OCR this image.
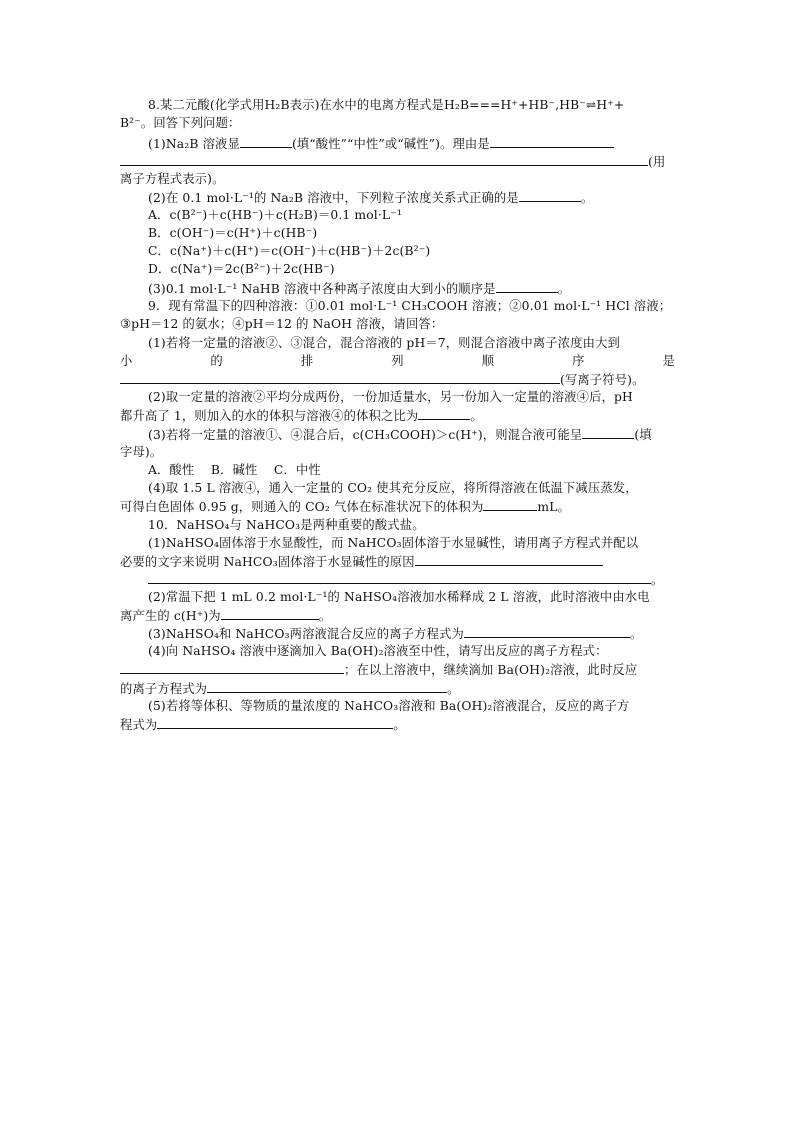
8.某二元酸(化学式用H₂B表示)在水中的电离方程式是H₂B===H⁺+HB⁻,HB⁻⇌H⁺+
B²⁻。回答下列问题：
(1)Na₂B 溶液显	(填“酸性”“中性”或“碱性”)。理由是
(用
离子方程式表示)。
(2)在 0.1 mol·L⁻¹的 Na₂B 溶液中，下列粒子浓度关系式正确的是	。
A．c(B²⁻)＋c(HB⁻)＋c(H₂B)＝0.1 mol·L⁻¹
B．c(OH⁻)＝c(H⁺)＋c(HB⁻)
C．c(Na⁺)＋c(H⁺)＝c(OH⁻)＋c(HB⁻)＋2c(B²⁻)
D．c(Na⁺)＝2c(B²⁻)＋2c(HB⁻)
(3)0.1 mol·L⁻¹ NaHB 溶液中各种离子浓度由大到小的顺序是	。
9．现有常温下的四种溶液：①0.01 mol·L⁻¹ CH₃COOH 溶液；②0.01 mol·L⁻¹ HCl 溶液；
③pH＝12 的氨水；④pH＝12 的 NaOH 溶液，请回答：
(1)若将一定量的溶液②、③混合，混合溶液的 pH＝7，则混合溶液中离子浓度由大到
小	的	排	列	顺	序	是
(写离子符号)。
(2)取一定量的溶液②平均分成两份，一份加适量水，另一份加入一定量的溶液④后，pH
都升高了 1，则加入的水的体积与溶液④的体积之比为	。
(3)若将一定量的溶液①、④混合后，c(CH₃COOH)＞c(H⁺)，则混合液可能呈	(填
字母)。
A．酸性　 B．碱性　 C．中性
(4)取 1.5 L 溶液④，通入一定量的 CO₂ 使其充分反应，将所得溶液在低温下减压蒸发，
可得白色固体 0.95 g，则通入的 CO₂ 气体在标准状况下的体积为	mL。
10．NaHSO₄与 NaHCO₃是两种重要的酸式盐。
(1)NaHSO₄固体溶于水显酸性，而 NaHCO₃固体溶于水显碱性，请用离子方程式并配以
必要的文字来说明 NaHCO₃固体溶于水显碱性的原因
。
(2)常温下把 1 mL 0.2 mol·L⁻¹的 NaHSO₄溶液加水稀释成 2 L 溶液，此时溶液中由水电
离产生的 c(H⁺)为	。
(3)NaHSO₄和 NaHCO₃两溶液混合反应的离子方程式为	。
(4)向 NaHSO₄ 溶液中逐滴加入 Ba(OH)₂溶液至中性，请写出反应的离子方程式：
；在以上溶液中，继续滴加 Ba(OH)₂溶液，此时反应
的离子方程式为	。
(5)若将等体积、等物质的量浓度的 NaHCO₃溶液和 Ba(OH)₂溶液混合，反应的离子方
程式为	。
